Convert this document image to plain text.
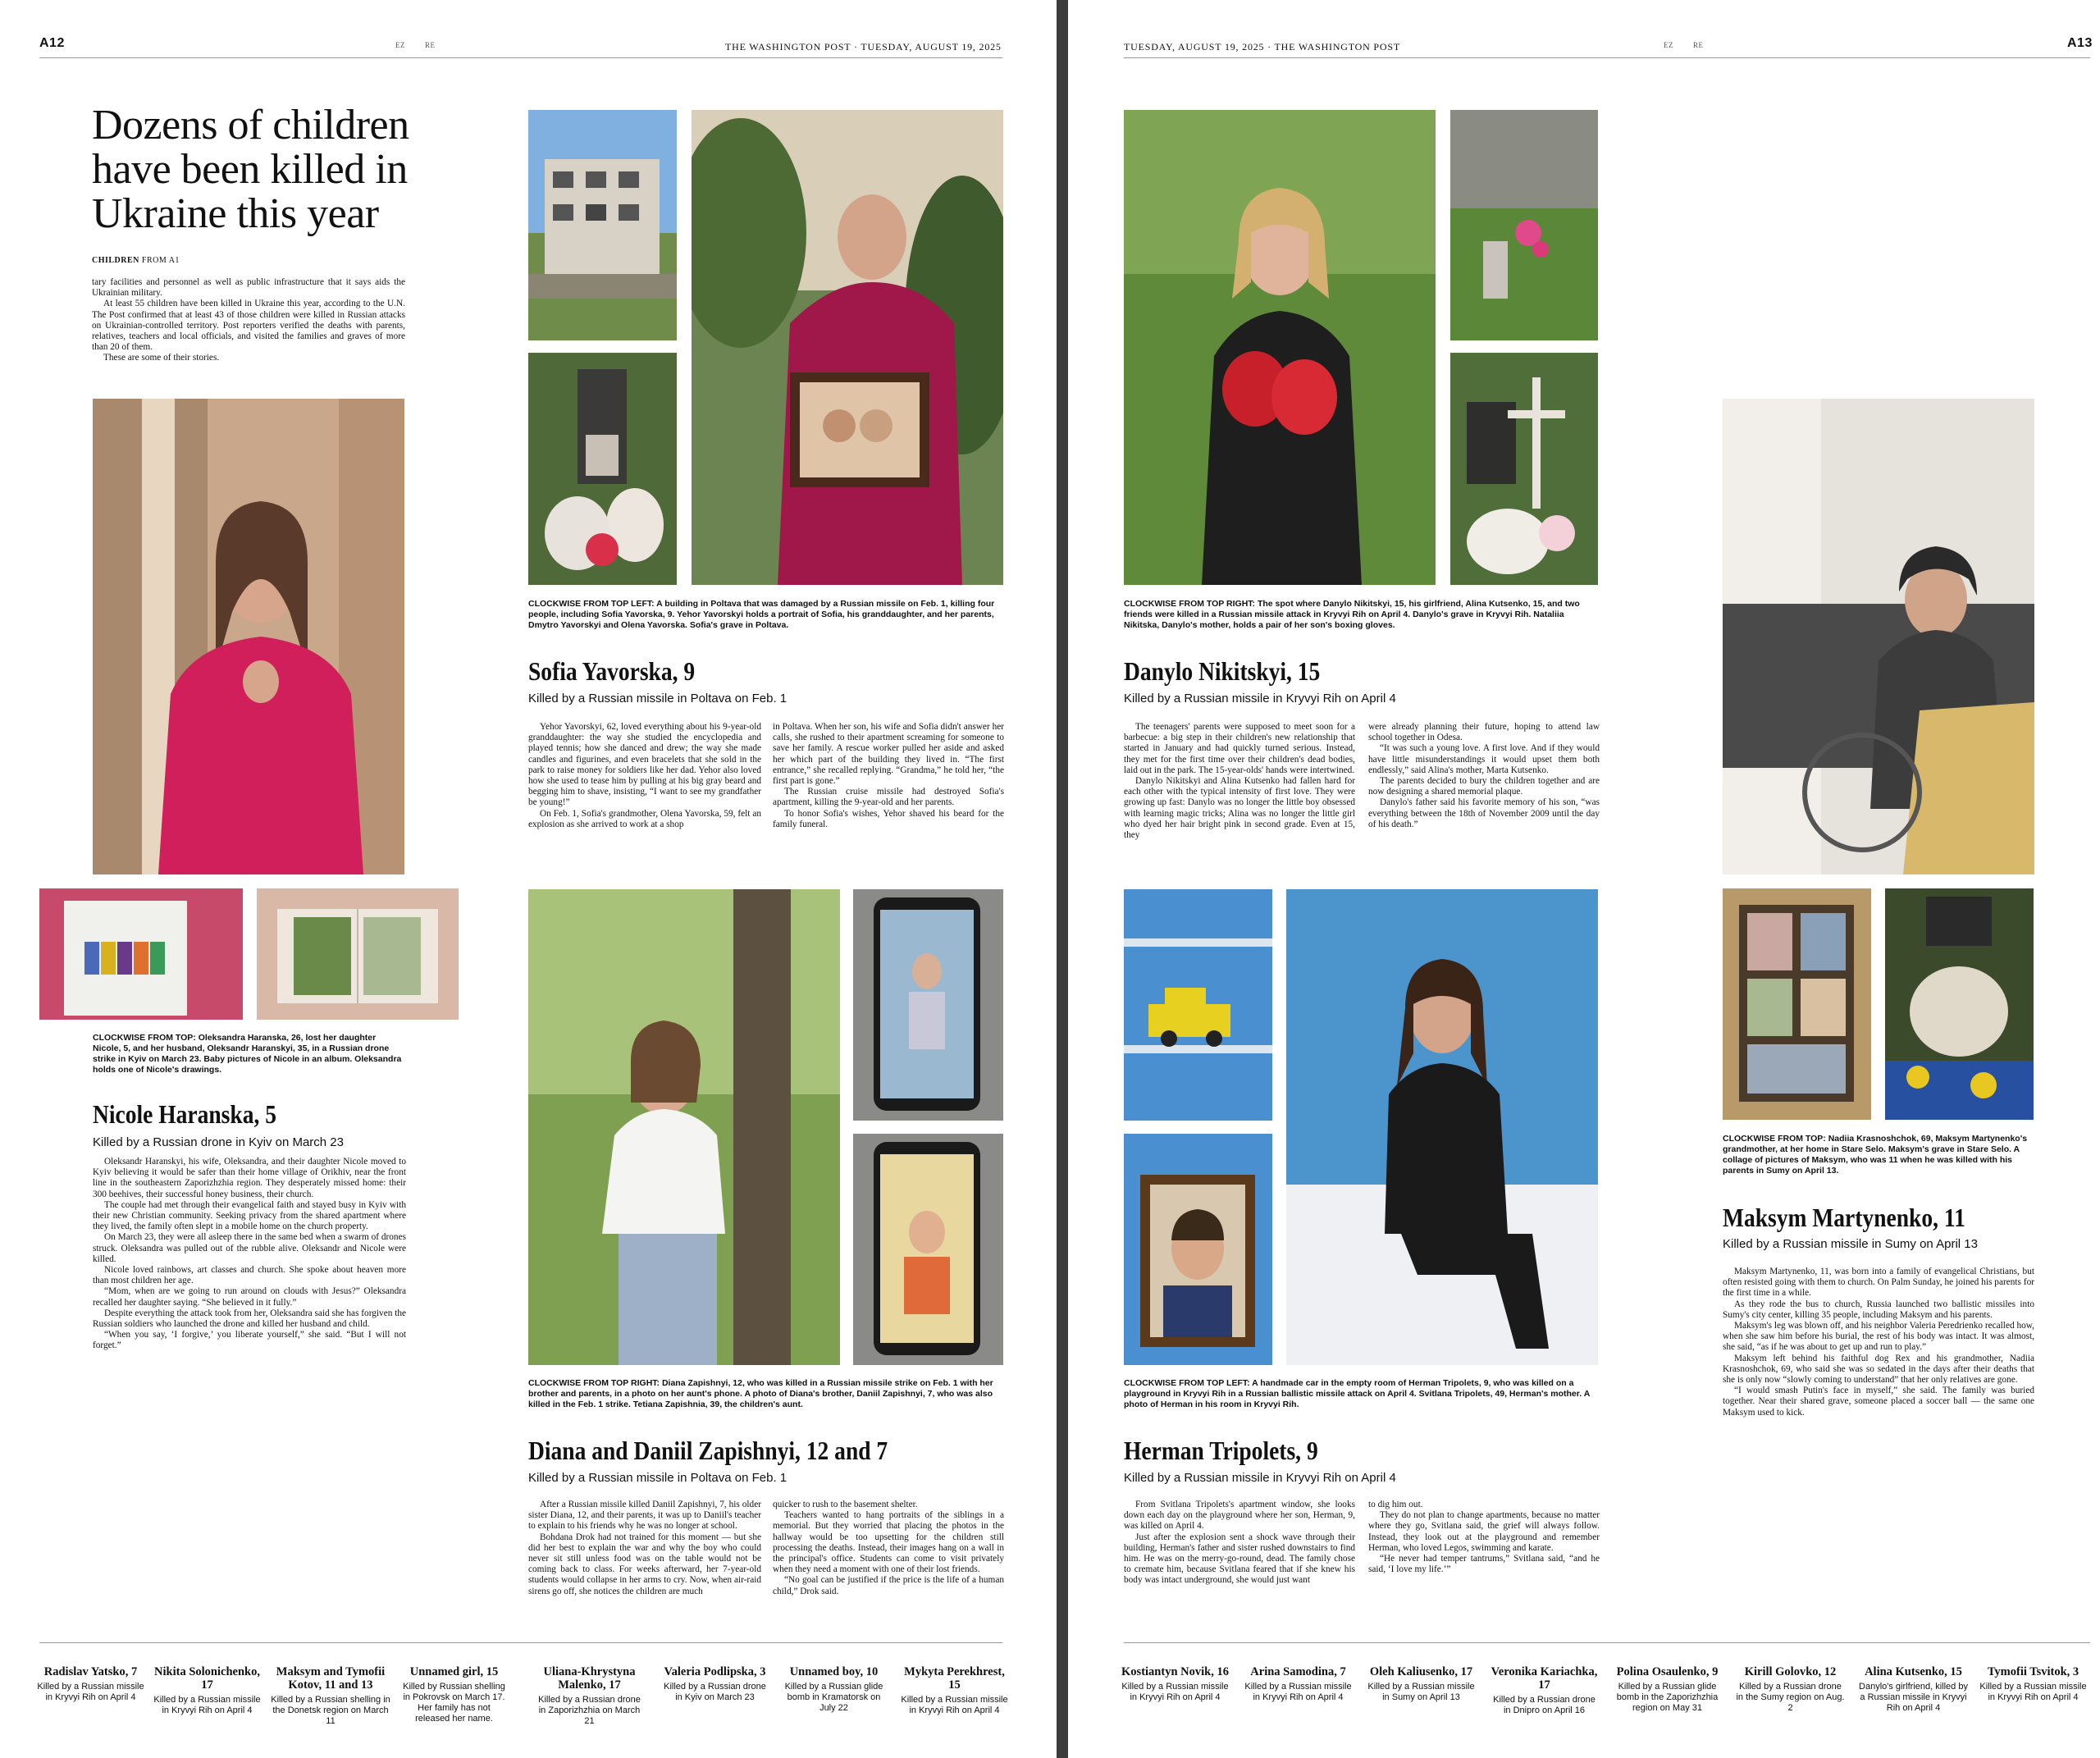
A12	EZ	RE	THE WASHINGTON POST · TUESDAY, AUGUST 19, 2025
Dozens of children have been killed in Ukraine this year
CHILDREN FROM A1

tary facilities and personnel as well as public infrastructure that it says aids the Ukrainian military.

At least 55 children have been killed in Ukraine this year, according to the U.N. The Post confirmed that at least 43 of those children were killed in Russian attacks on Ukrainian-controlled territory. Post reporters verified the deaths with parents, relatives, teachers and local officials, and visited the families and graves of more than 20 of them.

These are some of their stories.

CLOCKWISE FROM TOP: Oleksandra Haranska, 26, lost her daughter Nicole, 5, and her husband, Oleksandr Haranskyi, 35, in a Russian drone strike in Kyiv on March 23. Baby pictures of Nicole in an album. Oleksandra holds one of Nicole's drawings.
Nicole Haranska, 5
Killed by a Russian drone in Kyiv on March 23

Oleksandr Haranskyi, his wife, Oleksandra, and their daughter Nicole moved to Kyiv believing it would be safer than their home village of Orikhiv, near the front line in the southeastern Zaporizhzhia region. They desperately missed home: their 300 beehives, their successful honey business, their church.

The couple had met through their evangelical faith and stayed busy in Kyiv with their new Christian community. Seeking privacy from the shared apartment where they lived, the family often slept in a mobile home on the church property.

On March 23, they were all asleep there in the same bed when a swarm of drones struck. Oleksandra was pulled out of the rubble alive. Oleksandr and Nicole were killed.

Nicole loved rainbows, art classes and church. She spoke about heaven more than most children her age.

“Mom, when are we going to run around on clouds with Jesus?” Oleksandra recalled her daughter saying. “She believed in it fully.”

Despite everything the attack took from her, Oleksandra said she has forgiven the Russian soldiers who launched the drone and killed her husband and child.

“When you say, ‘I forgive,’ you liberate yourself,” she said. “But I will not forget.”

CLOCKWISE FROM TOP LEFT: A building in Poltava that was damaged by a Russian missile on Feb. 1, killing four people, including Sofia Yavorska, 9. Yehor Yavorskyi holds a portrait of Sofia, his granddaughter, and her parents, Dmytro Yavorskyi and Olena Yavorska. Sofia's grave in Poltava.
Sofia Yavorska, 9
Killed by a Russian missile in Poltava on Feb. 1

Yehor Yavorskyi, 62, loved everything about his 9-year-old granddaughter: the way she studied the encyclopedia and played tennis; how she danced and drew; the way she made candles and figurines, and even bracelets that she sold in the park to raise money for soldiers like her dad. Yehor also loved how she used to tease him by pulling at his big gray beard and begging him to shave, insisting, “I want to see my grandfather be young!”

On Feb. 1, Sofia's grandmother, Olena Yavorska, 59, felt an explosion as she arrived to work at a shop

in Poltava. When her son, his wife and Sofia didn't answer her calls, she rushed to their apartment screaming for someone to save her family. A rescue worker pulled her aside and asked her which part of the building they lived in. “The first entrance,” she recalled replying. “Grandma,” he told her, “the first part is gone.”

The Russian cruise missile had destroyed Sofia's apartment, killing the 9-year-old and her parents.

To honor Sofia's wishes, Yehor shaved his beard for the family funeral.

CLOCKWISE FROM TOP RIGHT: Diana Zapishnyi, 12, who was killed in a Russian missile strike on Feb. 1 with her brother and parents, in a photo on her aunt's phone. A photo of Diana's brother, Daniil Zapishnyi, 7, who was also killed in the Feb. 1 strike. Tetiana Zapishnia, 39, the children's aunt.
Diana and Daniil Zapishnyi, 12 and 7
Killed by a Russian missile in Poltava on Feb. 1

After a Russian missile killed Daniil Zapishnyi, 7, his older sister Diana, 12, and their parents, it was up to Daniil's teacher to explain to his friends why he was no longer at school.

Bohdana Drok had not trained for this moment — but she did her best to explain the war and why the boy who could never sit still unless food was on the table would not be coming back to class. For weeks afterward, her 7-year-old students would collapse in her arms to cry. Now, when air-raid sirens go off, she notices the children are much

quicker to rush to the basement shelter.

Teachers wanted to hang portraits of the siblings in a memorial. But they worried that placing the photos in the hallway would be too upsetting for the children still processing the deaths. Instead, their images hang on a wall in the principal's office. Students can come to visit privately when they need a moment with one of their lost friends.

“No goal can be justified if the price is the life of a human child,” Drok said.

Radislav Yatsko, 7
Killed by a Russian missile in Kryvyi Rih on April 4
Nikita Solonichenko, 17
Killed by a Russian missile in Kryvyi Rih on April 4
Maksym and Tymofii Kotov, 11 and 13
Killed by a Russian shelling in the Donetsk region on March 11
Unnamed girl, 15
Killed by Russian shelling in Pokrovsk on March 17. Her family has not released her name.
Uliana-Khrystyna Malenko, 17
Killed by a Russian drone in Zaporizhzhia on March 21
Valeria Podlipska, 3
Killed by a Russian drone in Kyiv on March 23
Unnamed boy, 10
Killed by a Russian glide bomb in Kramatorsk on July 22
Mykyta Perekhrest, 15
Killed by a Russian missile in Kryvyi Rih on April 4
TUESDAY, AUGUST 19, 2025 · THE WASHINGTON POST	EZ	RE	A13
CLOCKWISE FROM TOP RIGHT: The spot where Danylo Nikitskyi, 15, his girlfriend, Alina Kutsenko, 15, and two friends were killed in a Russian missile attack in Kryvyi Rih on April 4. Danylo's grave in Kryvyi Rih. Nataliia Nikitska, Danylo's mother, holds a pair of her son's boxing gloves.
Danylo Nikitskyi, 15
Killed by a Russian missile in Kryvyi Rih on April 4

The teenagers' parents were supposed to meet soon for a barbecue: a big step in their children's new relationship that started in January and had quickly turned serious. Instead, they met for the first time over their children's dead bodies, laid out in the park. The 15-year-olds' hands were intertwined.

Danylo Nikitskyi and Alina Kutsenko had fallen hard for each other with the typical intensity of first love. They were growing up fast: Danylo was no longer the little boy obsessed with learning magic tricks; Alina was no longer the little girl who dyed her hair bright pink in second grade. Even at 15, they

were already planning their future, hoping to attend law school together in Odesa.

“It was such a young love. A first love. And if they would have little misunderstandings it would upset them both endlessly,” said Alina's mother, Marta Kutsenko.

The parents decided to bury the children together and are now designing a shared memorial plaque.

Danylo's father said his favorite memory of his son, “was everything between the 18th of November 2009 until the day of his death.”

CLOCKWISE FROM TOP: Nadiia Krasnoshchok, 69, Maksym Martynenko's grandmother, at her home in Stare Selo. Maksym's grave in Stare Selo. A collage of pictures of Maksym, who was 11 when he was killed with his parents in Sumy on April 13.
Maksym Martynenko, 11
Killed by a Russian missile in Sumy on April 13

Maksym Martynenko, 11, was born into a family of evangelical Christians, but often resisted going with them to church. On Palm Sunday, he joined his parents for the first time in a while.

As they rode the bus to church, Russia launched two ballistic missiles into Sumy's city center, killing 35 people, including Maksym and his parents.

Maksym's leg was blown off, and his neighbor Valeria Peredrienko recalled how, when she saw him before his burial, the rest of his body was intact. It was almost, she said, “as if he was about to get up and run to play.”

Maksym left behind his faithful dog Rex and his grandmother, Nadiia Krasnoshchok, 69, who said she was so sedated in the days after their deaths that she is only now “slowly coming to understand” that her only relatives are gone.

“I would smash Putin's face in myself,” she said. The family was buried together. Near their shared grave, someone placed a soccer ball — the same one Maksym used to kick.

CLOCKWISE FROM TOP LEFT: A handmade car in the empty room of Herman Tripolets, 9, who was killed on a playground in Kryvyi Rih in a Russian ballistic missile attack on April 4. Svitlana Tripolets, 49, Herman's mother. A photo of Herman in his room in Kryvyi Rih.
Herman Tripolets, 9
Killed by a Russian missile in Kryvyi Rih on April 4

From Svitlana Tripolets's apartment window, she looks down each day on the playground where her son, Herman, 9, was killed on April 4.

Just after the explosion sent a shock wave through their building, Herman's father and sister rushed downstairs to find him. He was on the merry-go-round, dead. The family chose to cremate him, because Svitlana feared that if she knew his body was intact underground, she would just want

to dig him out.

They do not plan to change apartments, because no matter where they go, Svitlana said, the grief will always follow. Instead, they look out at the playground and remember Herman, who loved Legos, swimming and karate.

“He never had temper tantrums,” Svitlana said, “and he said, ‘I love my life.’”

Kostiantyn Novik, 16
Killed by a Russian missile in Kryvyi Rih on April 4
Arina Samodina, 7
Killed by a Russian missile in Kryvyi Rih on April 4
Oleh Kaliusenko, 17
Killed by a Russian missile in Sumy on April 13
Veronika Kariachka, 17
Killed by a Russian drone in Dnipro on April 16
Polina Osaulenko, 9
Killed by a Russian glide bomb in the Zaporizhzhia region on May 31
Kirill Golovko, 12
Killed by a Russian drone in the Sumy region on Aug. 2
Alina Kutsenko, 15
Danylo's girlfriend, killed by a Russian missile in Kryvyi Rih on April 4
Tymofii Tsvitok, 3
Killed by a Russian missile in Kryvyi Rih on April 4
